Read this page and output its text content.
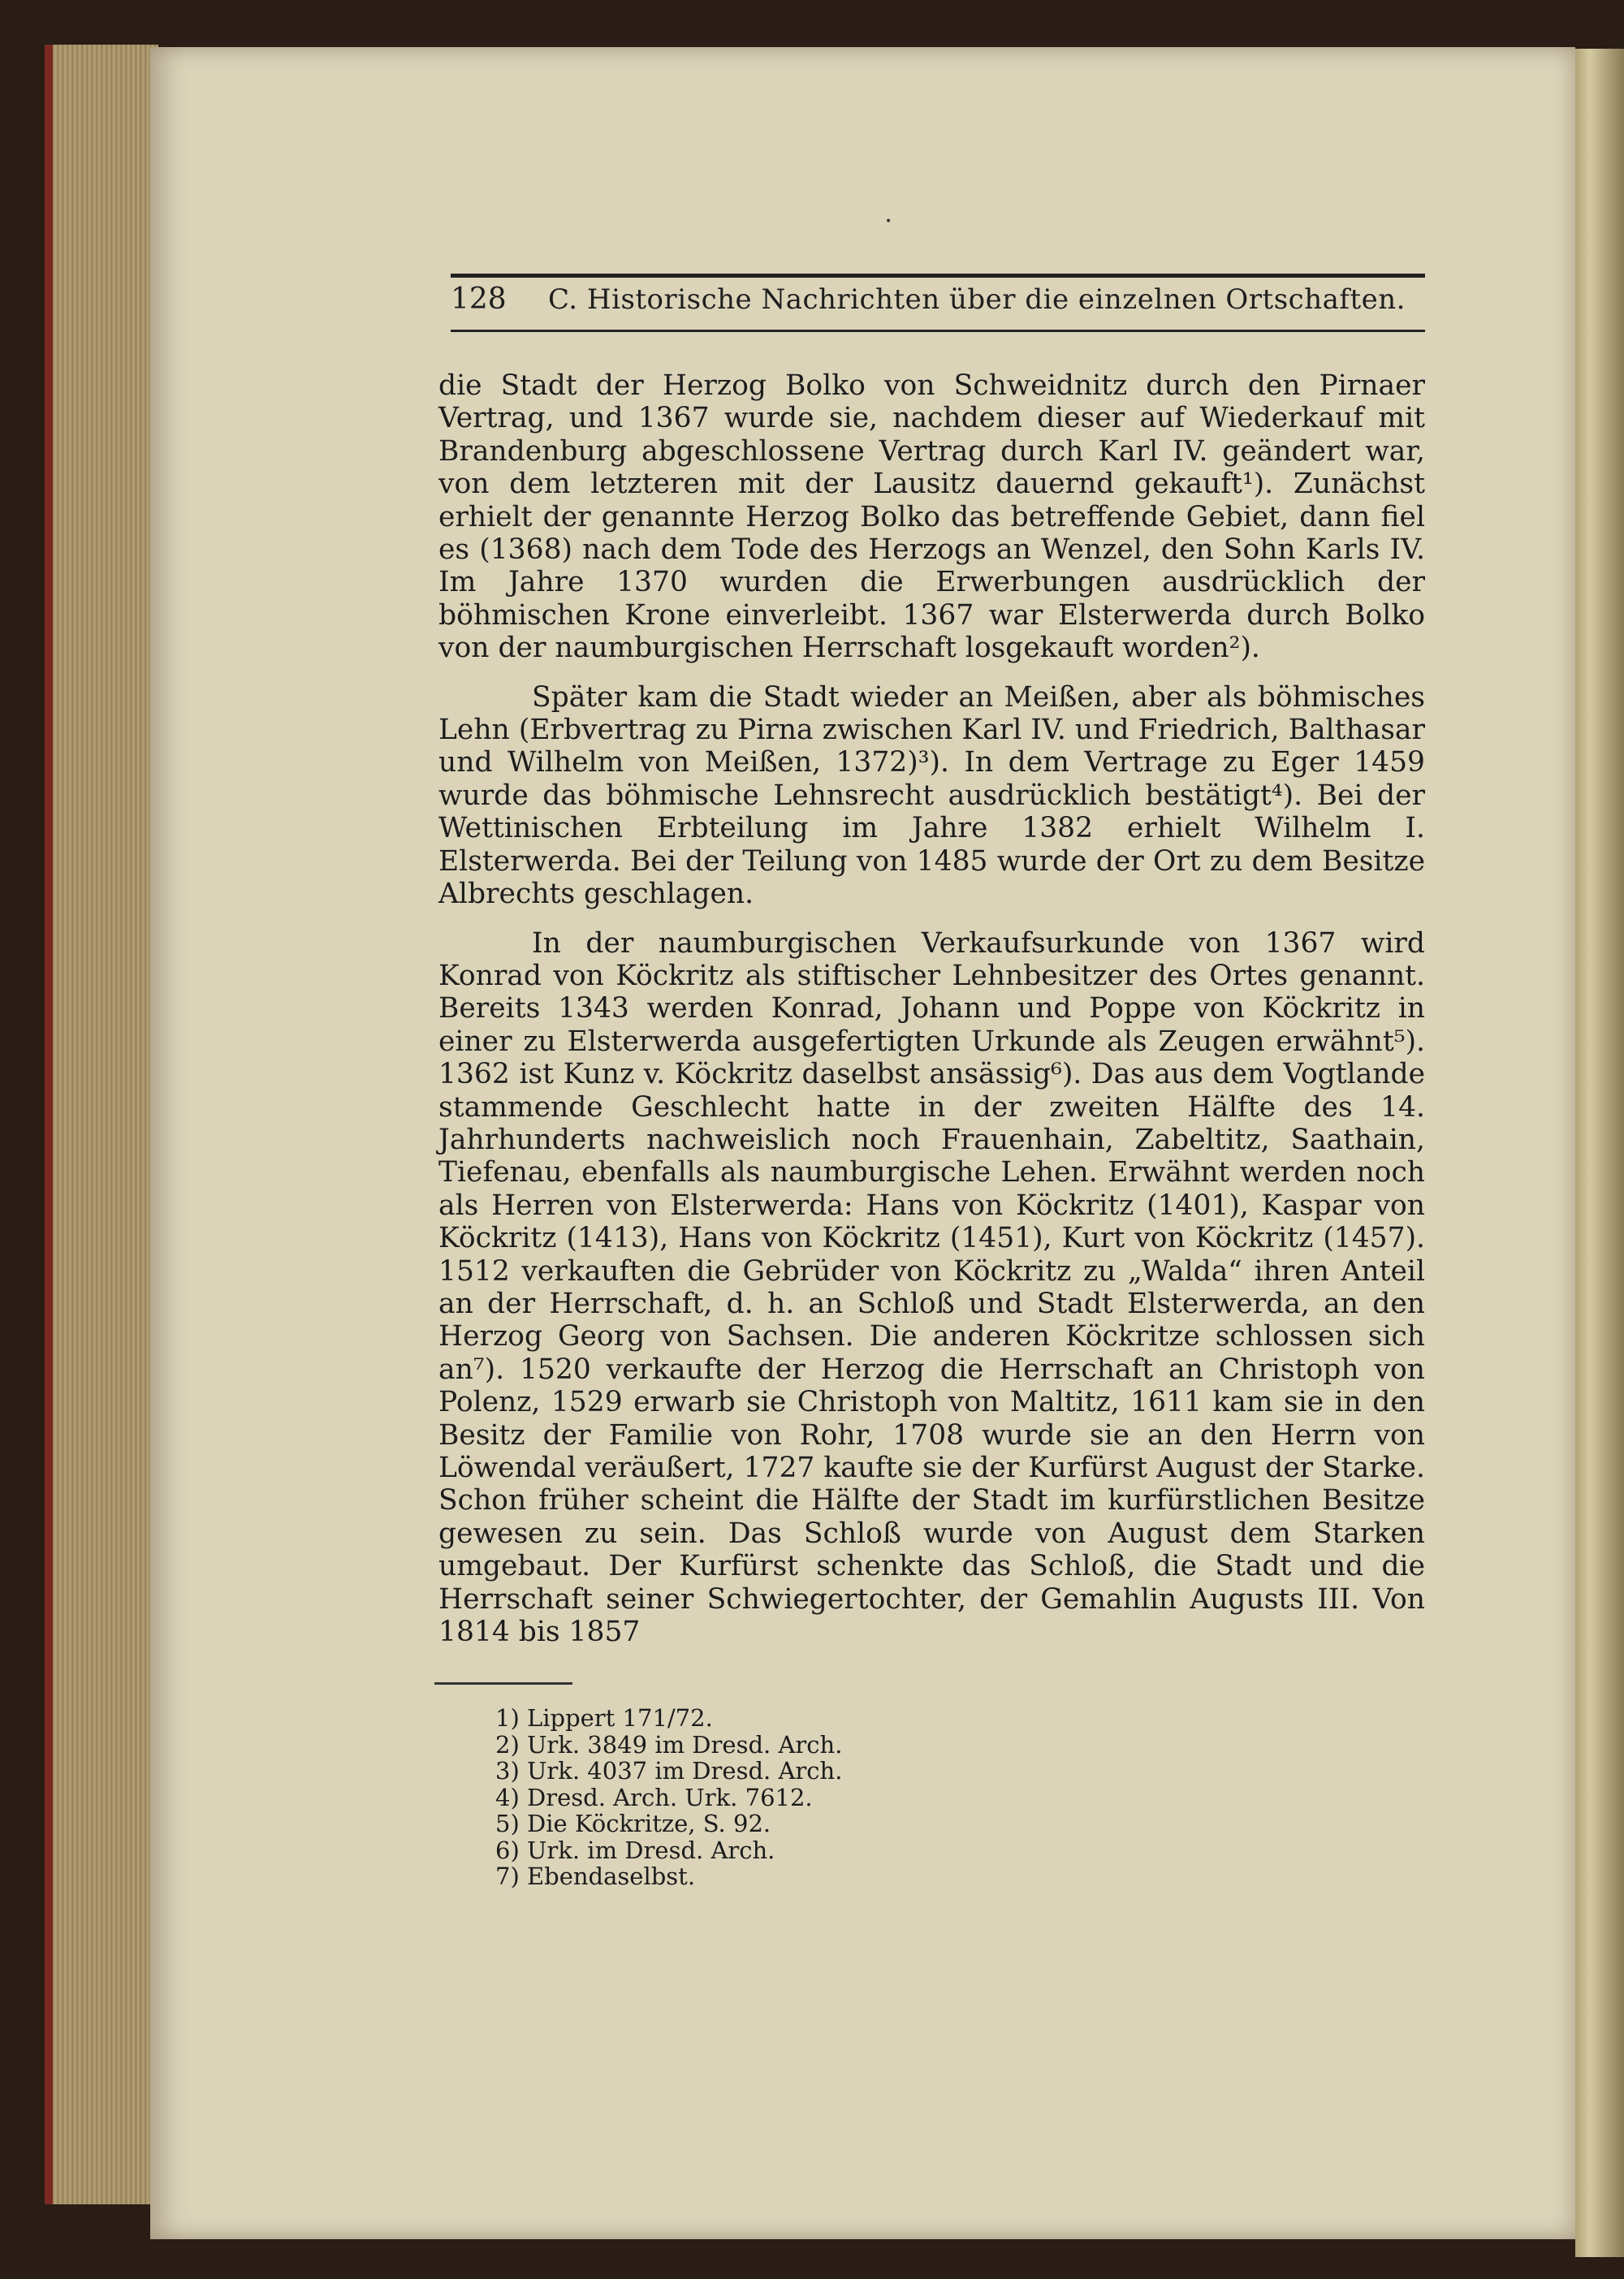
•
128	C. Historische Nachrichten über die einzelnen Ortschaften.

die Stadt der Herzog Bolko von Schweidnitz durch den Pirnaer Vertrag, und 1367 wurde sie, nachdem dieser auf Wiederkauf mit Brandenburg abgeschlossene Vertrag durch Karl IV. geändert war, von dem letzteren mit der Lausitz dauernd gekauft¹). Zunächst erhielt der genannte Herzog Bolko das betreffende Gebiet, dann fiel es (1368) nach dem Tode des Herzogs an Wenzel, den Sohn Karls IV. Im Jahre 1370 wurden die Erwerbungen ausdrücklich der böhmischen Krone einverleibt. 1367 war Elsterwerda durch Bolko von der naumburgischen Herrschaft losgekauft worden²).

Später kam die Stadt wieder an Meißen, aber als böhmisches Lehn (Erbvertrag zu Pirna zwischen Karl IV. und Friedrich, Balthasar und Wilhelm von Meißen, 1372)³). In dem Vertrage zu Eger 1459 wurde das böhmische Lehnsrecht ausdrücklich bestätigt⁴). Bei der Wettinischen Erbteilung im Jahre 1382 erhielt Wilhelm I. Elsterwerda. Bei der Teilung von 1485 wurde der Ort zu dem Besitze Albrechts geschlagen.

In der naumburgischen Verkaufsurkunde von 1367 wird Konrad von Köckritz als stiftischer Lehnbesitzer des Ortes genannt. Bereits 1343 werden Konrad, Johann und Poppe von Köckritz in einer zu Elsterwerda ausgefertigten Urkunde als Zeugen erwähnt⁵). 1362 ist Kunz v. Köckritz daselbst ansässig⁶). Das aus dem Vogtlande stammende Geschlecht hatte in der zweiten Hälfte des 14. Jahrhunderts nachweislich noch Frauenhain, Zabeltitz, Saathain, Tiefenau, ebenfalls als naumburgische Lehen. Erwähnt werden noch als Herren von Elsterwerda: Hans von Köckritz (1401), Kaspar von Köckritz (1413), Hans von Köckritz (1451), Kurt von Köckritz (1457). 1512 verkauften die Gebrüder von Köckritz zu „Walda“ ihren Anteil an der Herrschaft, d. h. an Schloß und Stadt Elsterwerda, an den Herzog Georg von Sachsen. Die anderen Köckritze schlossen sich an⁷). 1520 verkaufte der Herzog die Herrschaft an Christoph von Polenz, 1529 erwarb sie Christoph von Maltitz, 1611 kam sie in den Besitz der Familie von Rohr, 1708 wurde sie an den Herrn von Löwendal veräußert, 1727 kaufte sie der Kurfürst August der Starke. Schon früher scheint die Hälfte der Stadt im kurfürstlichen Besitze gewesen zu sein. Das Schloß wurde von August dem Starken umgebaut. Der Kurfürst schenkte das Schloß, die Stadt und die Herrschaft seiner Schwiegertochter, der Gemahlin Augusts III. Von 1814 bis 1857

1) Lippert 171/72.
2) Urk. 3849 im Dresd. Arch.
3) Urk. 4037 im Dresd. Arch.
4) Dresd. Arch. Urk. 7612.
5) Die Köckritze, S. 92.
6) Urk. im Dresd. Arch.
7) Ebendaselbst.
